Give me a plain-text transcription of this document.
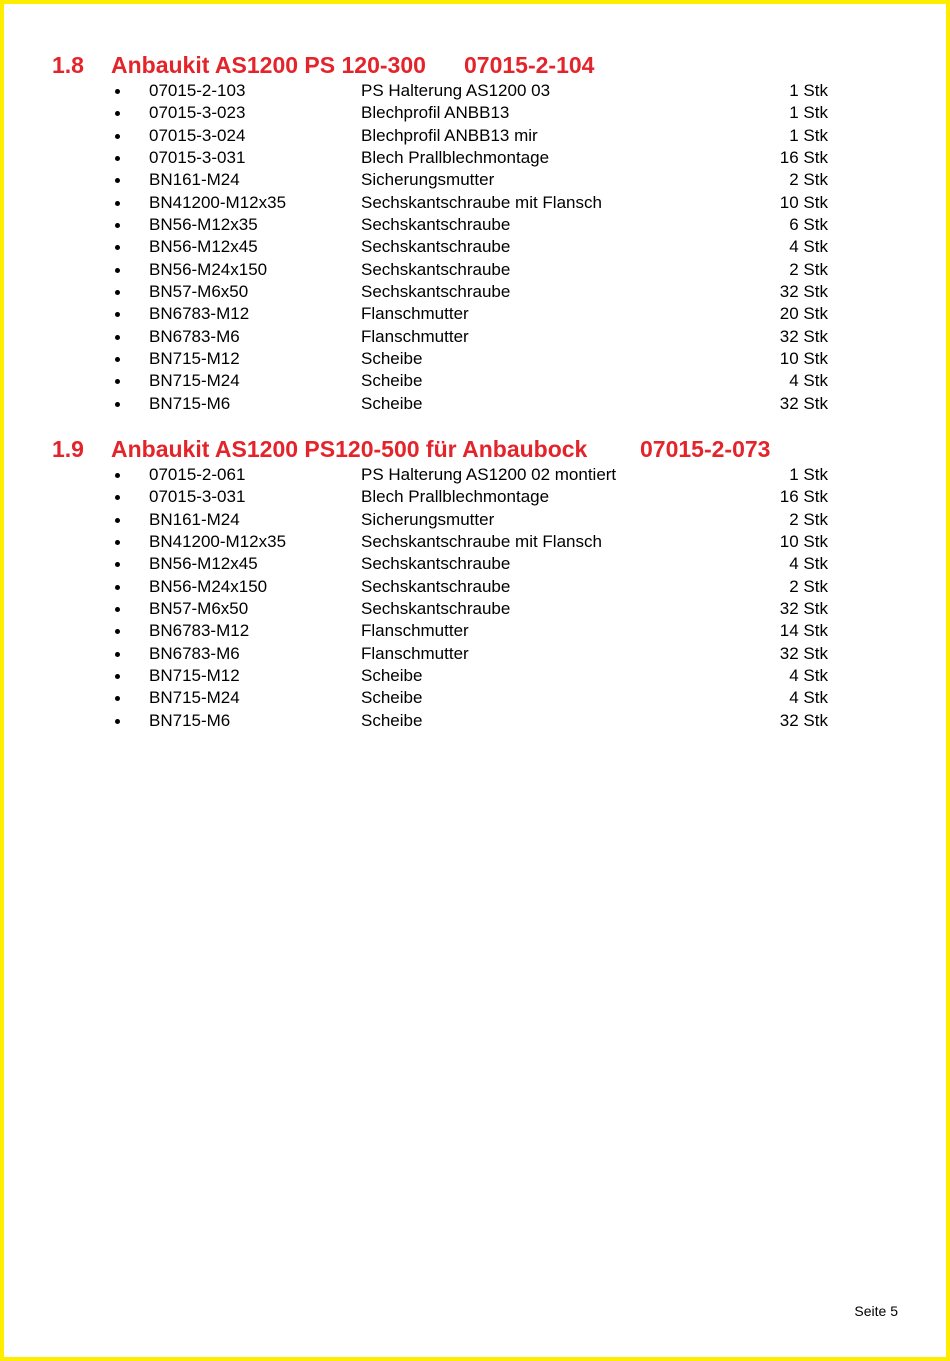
1.8 Anbaukit AS1200 PS 120-300 07015-2-104
07015-2-103	PS Halterung AS1200 03	1 Stk
07015-3-023	Blechprofil ANBB13	1 Stk
07015-3-024	Blechprofil ANBB13 mir	1 Stk
07015-3-031	Blech Prallblechmontage	16 Stk
BN161-M24	Sicherungsmutter	2 Stk
BN41200-M12x35	Sechskantschraube mit Flansch	10 Stk
BN56-M12x35	Sechskantschraube	6 Stk
BN56-M12x45	Sechskantschraube	4 Stk
BN56-M24x150	Sechskantschraube	2 Stk
BN57-M6x50	Sechskantschraube	32 Stk
BN6783-M12	Flanschmutter	20 Stk
BN6783-M6	Flanschmutter	32 Stk
BN715-M12	Scheibe	10 Stk
BN715-M24	Scheibe	4 Stk
BN715-M6	Scheibe	32 Stk
1.9 Anbaukit AS1200 PS120-500 für Anbaubock 07015-2-073
07015-2-061	PS Halterung AS1200 02 montiert	1 Stk
07015-3-031	Blech Prallblechmontage	16 Stk
BN161-M24	Sicherungsmutter	2 Stk
BN41200-M12x35	Sechskantschraube mit Flansch	10 Stk
BN56-M12x45	Sechskantschraube	4 Stk
BN56-M24x150	Sechskantschraube	2 Stk
BN57-M6x50	Sechskantschraube	32 Stk
BN6783-M12	Flanschmutter	14 Stk
BN6783-M6	Flanschmutter	32 Stk
BN715-M12	Scheibe	4 Stk
BN715-M24	Scheibe	4 Stk
BN715-M6	Scheibe	32 Stk
Seite 5
